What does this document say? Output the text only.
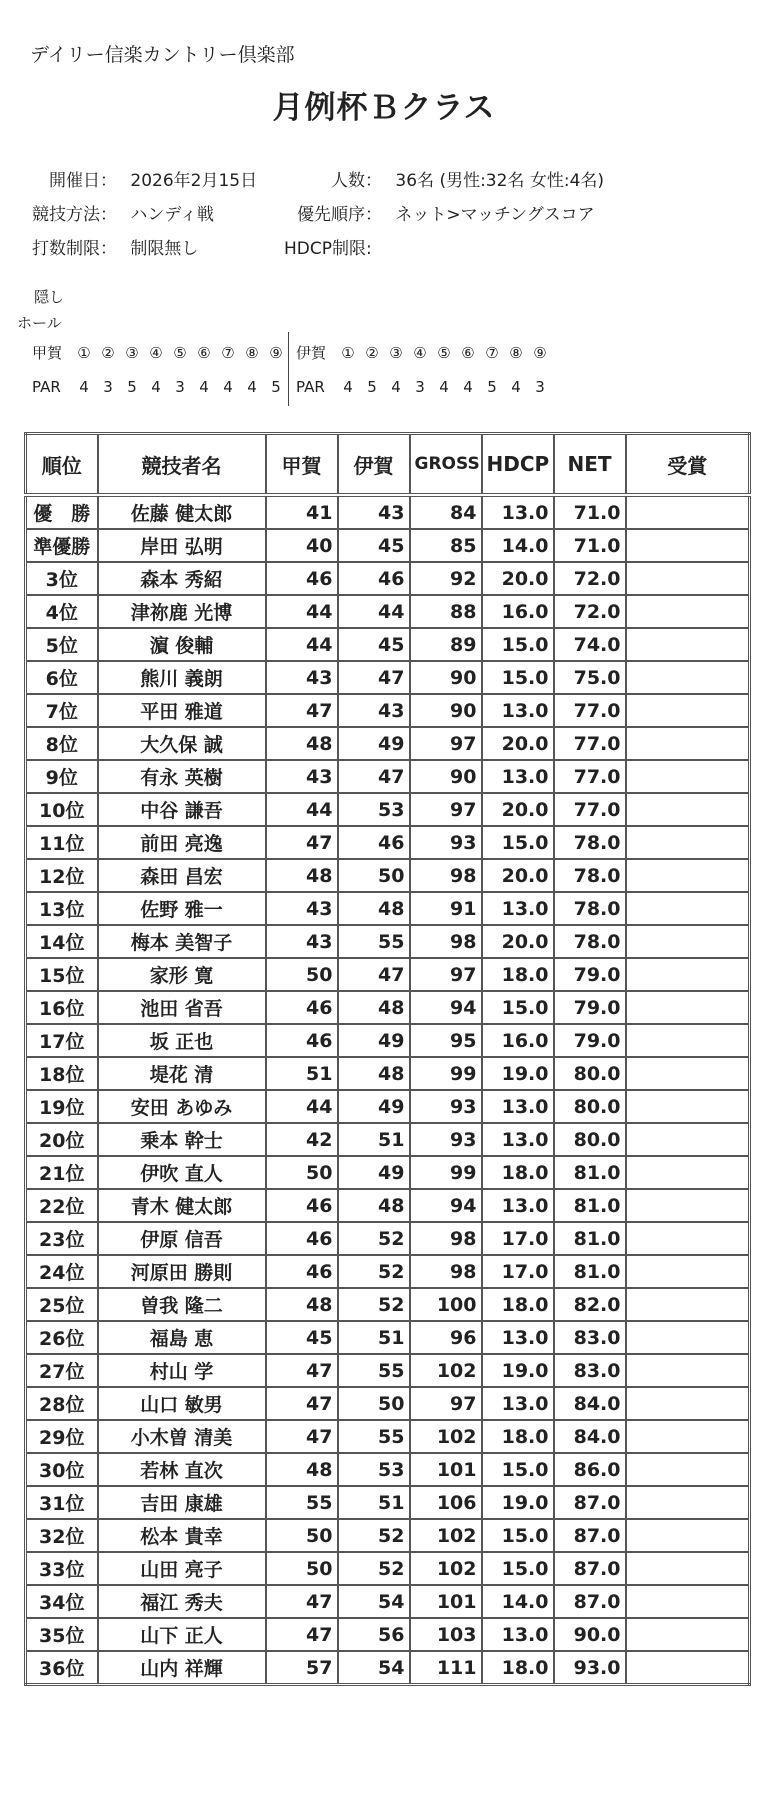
デイリー信楽カントリー倶楽部
月例杯Ｂクラス
開催日： 2026年2月15日	人数： 36名 (男性:32名 女性:4名)
競技方法： ハンディ戦	優先順序： ネット>マッチングスコア
打数制限： 制限無し	HDCP制限:
隠し
ホール
甲賀 ① ② ③ ④ ⑤ ⑥ ⑦ ⑧ ⑨ 伊賀 ① ② ③ ④ ⑤ ⑥ ⑦ ⑧ ⑨
PAR 4 3 5 4 3 4 4 4 5	PAR 4 5 4 3 4 4 5 4 3
順位	競技者名	甲賀	伊賀	GROSS	HDCP	NET	受賞
優　勝	佐藤 健太郎	41	43	84	13.0	71.0	
準優勝	岸田 弘明	40	45	85	14.0	71.0	
3位	森本 秀紹	46	46	92	20.0	72.0	
4位	津祢鹿 光博	44	44	88	16.0	72.0	
5位	濵 俊輔	44	45	89	15.0	74.0	
6位	熊川 義朗	43	47	90	15.0	75.0	
7位	平田 雅道	47	43	90	13.0	77.0	
8位	大久保 誠	48	49	97	20.0	77.0	
9位	有永 英樹	43	47	90	13.0	77.0	
10位	中谷 謙吾	44	53	97	20.0	77.0	
11位	前田 亮逸	47	46	93	15.0	78.0	
12位	森田 昌宏	48	50	98	20.0	78.0	
13位	佐野 雅一	43	48	91	13.0	78.0	
14位	梅本 美智子	43	55	98	20.0	78.0	
15位	家形 寛	50	47	97	18.0	79.0	
16位	池田 省吾	46	48	94	15.0	79.0	
17位	坂 正也	46	49	95	16.0	79.0	
18位	堤花 清	51	48	99	19.0	80.0	
19位	安田 あゆみ	44	49	93	13.0	80.0	
20位	乗本 幹士	42	51	93	13.0	80.0	
21位	伊吹 直人	50	49	99	18.0	81.0	
22位	青木 健太郎	46	48	94	13.0	81.0	
23位	伊原 信吾	46	52	98	17.0	81.0	
24位	河原田 勝則	46	52	98	17.0	81.0	
25位	曽我 隆二	48	52	100	18.0	82.0	
26位	福島 恵	45	51	96	13.0	83.0	
27位	村山 学	47	55	102	19.0	83.0	
28位	山口 敏男	47	50	97	13.0	84.0	
29位	小木曽 清美	47	55	102	18.0	84.0	
30位	若林 直次	48	53	101	15.0	86.0	
31位	吉田 康雄	55	51	106	19.0	87.0	
32位	松本 貴幸	50	52	102	15.0	87.0	
33位	山田 亮子	50	52	102	15.0	87.0	
34位	福江 秀夫	47	54	101	14.0	87.0	
35位	山下 正人	47	56	103	13.0	90.0	
36位	山内 祥輝	57	54	111	18.0	93.0	
